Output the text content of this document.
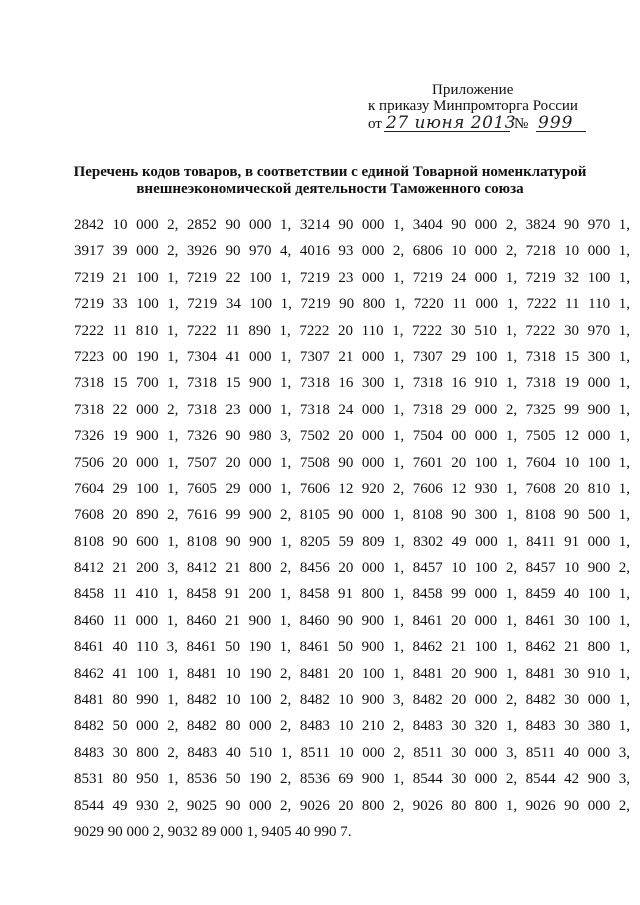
Приложение
к приказу Минпромторга России
от 27 июня 2013
№ 999
Перечень кодов товаров, в соответствии с единой Товарной номенклатурой
внешнеэкономической деятельности Таможенного союза
2842 10 000 2, 2852 90 000 1, 3214 90 000 1, 3404 90 000 2, 3824 90 970 1,
3917 39 000 2, 3926 90 970 4, 4016 93 000 2, 6806 10 000 2, 7218 10 000 1,
7219 21 100 1, 7219 22 100 1, 7219 23 000 1, 7219 24 000 1, 7219 32 100 1,
7219 33 100 1, 7219 34 100 1, 7219 90 800 1, 7220 11 000 1, 7222 11 110 1,
7222 11 810 1, 7222 11 890 1, 7222 20 110 1, 7222 30 510 1, 7222 30 970 1,
7223 00 190 1, 7304 41 000 1, 7307 21 000 1, 7307 29 100 1, 7318 15 300 1,
7318 15 700 1, 7318 15 900 1, 7318 16 300 1, 7318 16 910 1, 7318 19 000 1,
7318 22 000 2, 7318 23 000 1, 7318 24 000 1, 7318 29 000 2, 7325 99 900 1,
7326 19 900 1, 7326 90 980 3, 7502 20 000 1, 7504 00 000 1, 7505 12 000 1,
7506 20 000 1, 7507 20 000 1, 7508 90 000 1, 7601 20 100 1, 7604 10 100 1,
7604 29 100 1, 7605 29 000 1, 7606 12 920 2, 7606 12 930 1, 7608 20 810 1,
7608 20 890 2, 7616 99 900 2, 8105 90 000 1, 8108 90 300 1, 8108 90 500 1,
8108 90 600 1, 8108 90 900 1, 8205 59 809 1, 8302 49 000 1, 8411 91 000 1,
8412 21 200 3, 8412 21 800 2, 8456 20 000 1, 8457 10 100 2, 8457 10 900 2,
8458 11 410 1, 8458 91 200 1, 8458 91 800 1, 8458 99 000 1, 8459 40 100 1,
8460 11 000 1, 8460 21 900 1, 8460 90 900 1, 8461 20 000 1, 8461 30 100 1,
8461 40 110 3, 8461 50 190 1, 8461 50 900 1, 8462 21 100 1, 8462 21 800 1,
8462 41 100 1, 8481 10 190 2, 8481 20 100 1, 8481 20 900 1, 8481 30 910 1,
8481 80 990 1, 8482 10 100 2, 8482 10 900 3, 8482 20 000 2, 8482 30 000 1,
8482 50 000 2, 8482 80 000 2, 8483 10 210 2, 8483 30 320 1, 8483 30 380 1,
8483 30 800 2, 8483 40 510 1, 8511 10 000 2, 8511 30 000 3, 8511 40 000 3,
8531 80 950 1, 8536 50 190 2, 8536 69 900 1, 8544 30 000 2, 8544 42 900 3,
8544 49 930 2, 9025 90 000 2, 9026 20 800 2, 9026 80 800 1, 9026 90 000 2,
9029 90 000 2, 9032 89 000 1, 9405 40 990 7.
